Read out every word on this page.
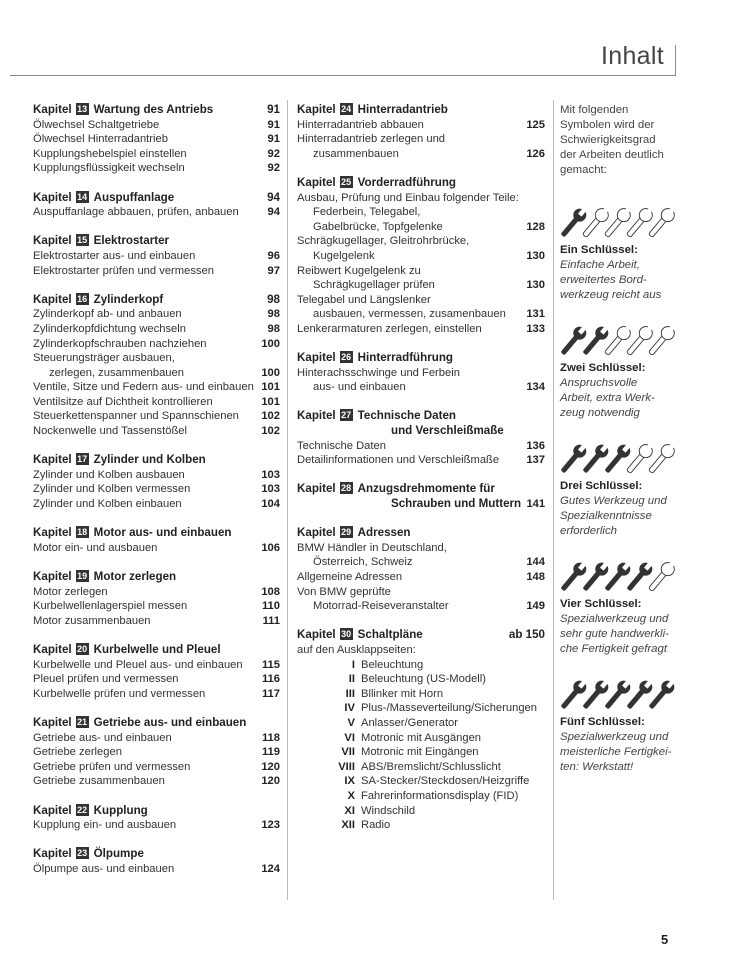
Inhalt
Kapitel 13 Wartung des Antriebs	91
Ölwechsel Schaltgetriebe	91
Ölwechsel Hinterradantrieb	91
Kupplungshebelspiel einstellen	92
Kupplungsflüssigkeit wechseln	92
Kapitel 14 Auspuffanlage	94
Auspuffanlage abbauen, prüfen, anbauen	94
Kapitel 15 Elektrostarter
Elektrostarter aus- und einbauen	96
Elektrostarter prüfen und vermessen	97
Kapitel 16 Zylinderkopf	98
Zylinderkopf ab- und anbauen	98
Zylinderkopfdichtung wechseln	98
Zylinderkopfschrauben nachziehen	100
Steuerungsträger ausbauen,
zerlegen, zusammenbauen	100
Ventile, Sitze und Federn aus- und einbauen 101
Ventilsitze auf Dichtheit kontrollieren	101
Steuerkettenspanner und Spannschienen	102
Nockenwelle und Tassenstößel	102
Kapitel 17 Zylinder und Kolben
Zylinder und Kolben ausbauen	103
Zylinder und Kolben vermessen	103
Zylinder und Kolben einbauen	104
Kapitel 18 Motor aus- und einbauen
Motor ein- und ausbauen	106
Kapitel 19 Motor zerlegen
Motor zerlegen	108
Kurbelwellenlagerspiel messen	110
Motor zusammenbauen	111
Kapitel 20 Kurbelwelle und Pleuel
Kurbelwelle und Pleuel aus- und einbauen	115
Pleuel prüfen und vermessen	116
Kurbelwelle prüfen und vermessen	117
Kapitel 21 Getriebe aus- und einbauen
Getriebe aus- und einbauen	118
Getriebe zerlegen	119
Getriebe prüfen und vermessen	120
Getriebe zusammenbauen	120
Kapitel 22 Kupplung
Kupplung ein- und ausbauen	123
Kapitel 23 Ölpumpe
Ölpumpe aus- und einbauen	124
Kapitel 24 Hinterradantrieb
Hinterradantrieb abbauen	125
Hinterradantrieb zerlegen und
zusammenbauen	126
Kapitel 25 Vorderradführung
Ausbau, Prüfung und Einbau folgender Teile:
Federbein, Telegabel,
Gabelbrücke, Topfgelenke	128
Schrägkugellager, Gleitrohrbrücke,
Kugelgelenk	130
Reibwert Kugelgelenk zu
Schrägkugellager prüfen	130
Telegabel und Längslenker
ausbauen, vermessen, zusamenbauen	131
Lenkerarmaturen zerlegen, einstellen	133
Kapitel 26 Hinterradführung
Hinterachsschwinge und Ferbein
aus- und einbauen	134
Kapitel 27 Technische Daten
und Verschleißmaße
Technische Daten	136
Detailinformationen und Verschleißmaße	137
Kapitel 28 Anzugsdrehmomente für
Schrauben und Muttern 141
Kapitel 29 Adressen
BMW Händler in Deutschland,
Österreich, Schweiz	144
Allgemeine Adressen	148
Von BMW geprüfte
Motorrad-Reiseveranstalter	149
Kapitel 30 Schaltpläne	ab 150
auf den Ausklappseiten:
I Beleuchtung
II Beleuchtung (US-Modell)
III Bllinker mit Horn
IV Plus-/Masseverteilung/Sicherungen
V Anlasser/Generator
VI Motronic mit Ausgängen
VII Motronic mit Eingängen
VIII ABS/Bremslicht/Schlusslicht
IX SA-Stecker/Steckdosen/Heizgriffe
X Fahrerinformationsdisplay (FID)
XI Windschild
XII Radio
Mit folgenden
Symbolen wird der
Schwierigkeitsgrad
der Arbeiten deutlich
gemacht:
Ein Schlüssel:
Einfache Arbeit,
erweitertes Bord-
werkzeug reicht aus
Zwei Schlüssel:
Anspruchsvolle
Arbeit, extra Werk-
zeug notwendig
Drei Schlüssel:
Gutes Werkzeug und
Spezialkenntnisse
erforderlich
Vier Schlüssel:
Spezialwerkzeug und
sehr gute handwerkli-
che Fertigkeit gefragt
Fünf Schlüssel:
Spezialwerkzeug und
meisterliche Fertigkei-
ten: Werkstatt!
5
